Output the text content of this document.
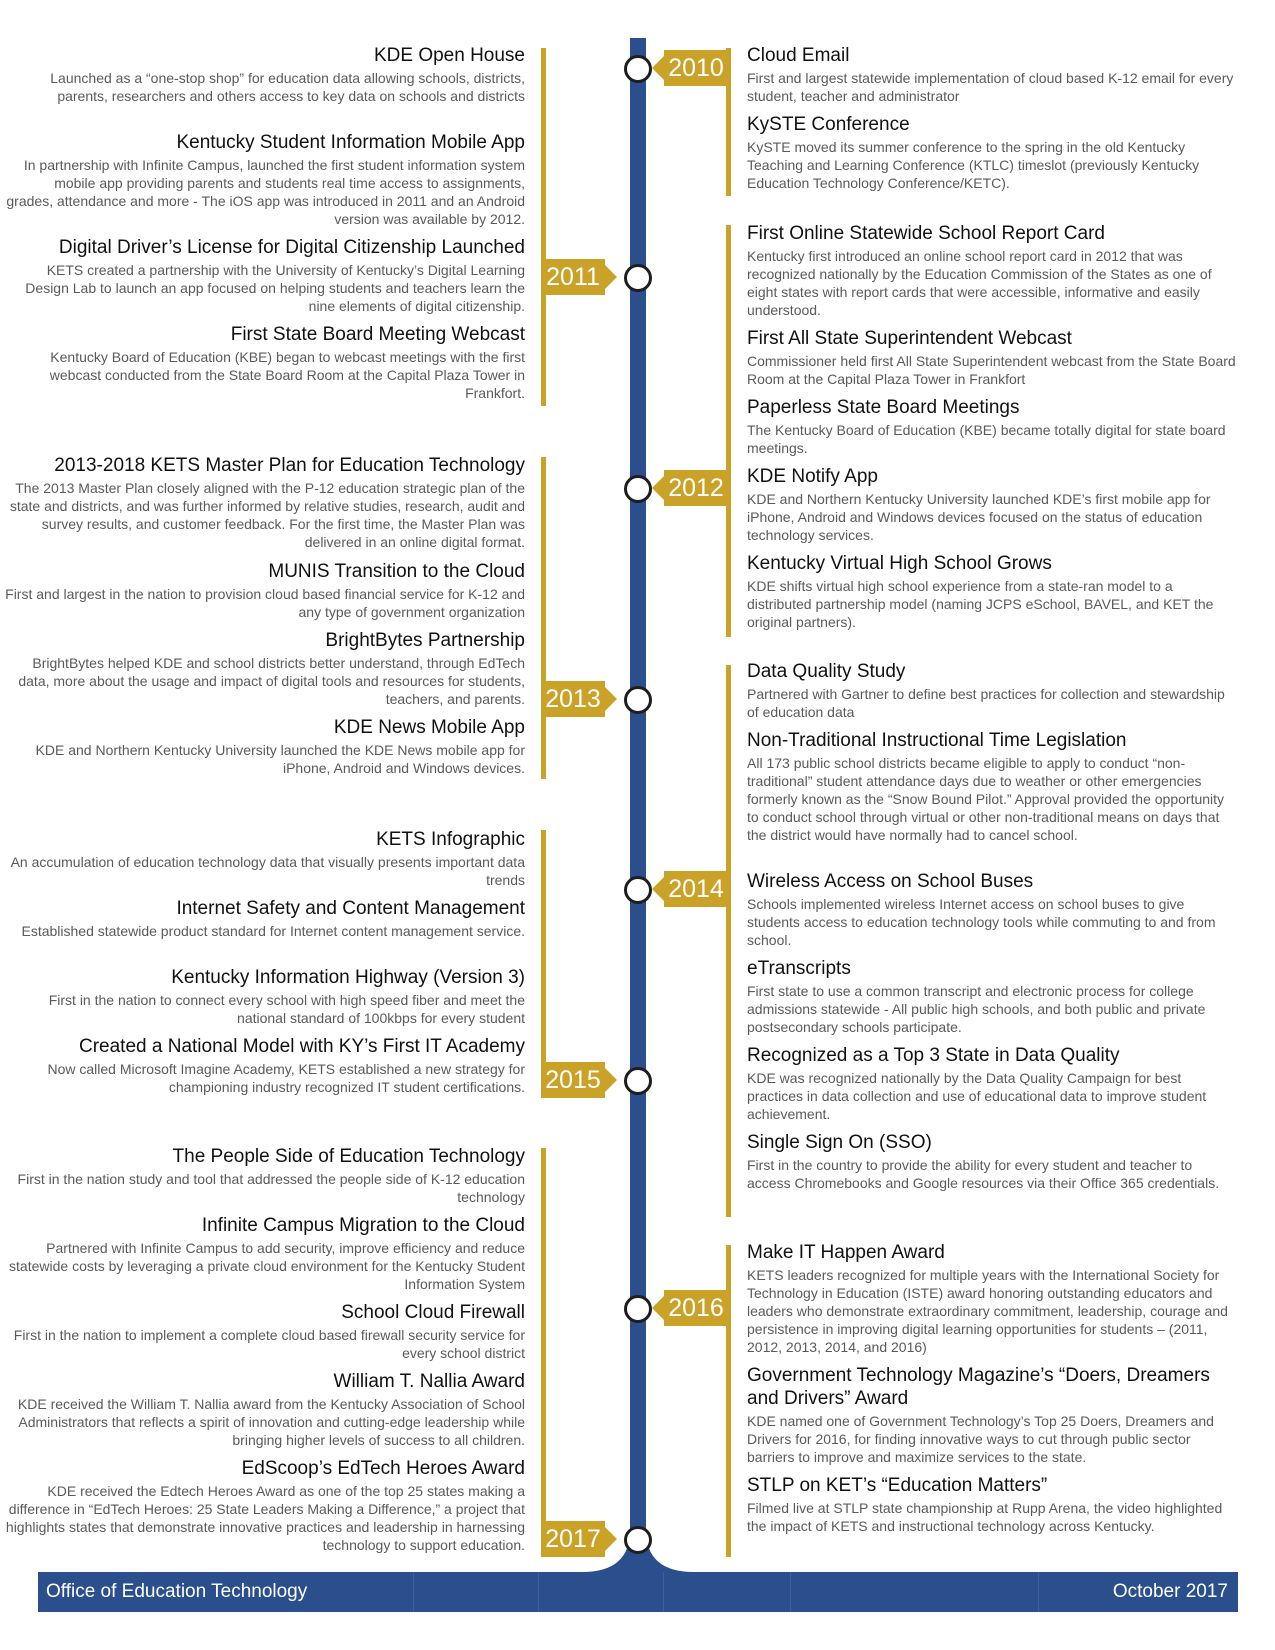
2010
2011
2012
2013
2014
2015
2016
2017
KDE Open House
Launched as a “one-stop shop” for education data allowing schools, districts, parents, researchers and others access to key data on schools and districts
Kentucky Student Information Mobile App
In partnership with Infinite Campus, launched the first student information system mobile app providing parents and students real time access to assignments, grades, attendance and more - The iOS app was introduced in 2011 and an Android version was available by 2012.
Digital Driver’s License for Digital Citizenship Launched
KETS created a partnership with the University of Kentucky’s Digital Learning Design Lab to launch an app focused on helping students and teachers learn the nine elements of digital citizenship.
First State Board Meeting Webcast
Kentucky Board of Education (KBE) began to webcast meetings with the first webcast conducted from the State Board Room at the Capital Plaza Tower in Frankfort.
2013-2018 KETS Master Plan for Education Technology
The 2013 Master Plan closely aligned with the P-12 education strategic plan of the state and districts, and was further informed by relative studies, research, audit and survey results, and customer feedback. For the first time, the Master Plan was delivered in an online digital format.
MUNIS Transition to the Cloud
First and largest in the nation to provision cloud based financial service for K-12 and any type of government organization
BrightBytes Partnership
BrightBytes helped KDE and school districts better understand, through EdTech data, more about the usage and impact of digital tools and resources for students, teachers, and parents.
KDE News Mobile App
KDE and Northern Kentucky University launched the KDE News mobile app for iPhone, Android and Windows devices.
KETS Infographic
An accumulation of education technology data that visually presents important data trends
Internet Safety and Content Management
Established statewide product standard for Internet content management service.
Kentucky Information Highway (Version 3)
First in the nation to connect every school with high speed fiber and meet the national standard of 100kbps for every student
Created a National Model with KY’s First IT Academy
Now called Microsoft Imagine Academy, KETS established a new strategy for championing industry recognized IT student certifications.
The People Side of Education Technology
First in the nation study and tool that addressed the people side of K-12 education technology
Infinite Campus Migration to the Cloud
Partnered with Infinite Campus to add security, improve efficiency and reduce statewide costs by leveraging a private cloud environment for the Kentucky Student Information System
School Cloud Firewall
First in the nation to implement a complete cloud based firewall security service for every school district
William T. Nallia Award
KDE received the William T. Nallia award from the Kentucky Association of School Administrators that reflects a spirit of innovation and cutting-edge leadership while bringing higher levels of success to all children.
EdScoop’s EdTech Heroes Award
KDE received the Edtech Heroes Award as one of the top 25 states making a difference in “EdTech Heroes: 25 State Leaders Making a Difference,” a project that highlights states that demonstrate innovative practices and leadership in harnessing technology to support education.
Cloud Email
First and largest statewide implementation of cloud based K-12 email for every student, teacher and administrator
KySTE Conference
KySTE moved its summer conference to the spring in the old Kentucky Teaching and Learning Conference (KTLC) timeslot (previously Kentucky Education Technology Conference/KETC).
First Online Statewide School Report Card
Kentucky first introduced an online school report card in 2012 that was recognized nationally by the Education Commission of the States as one of eight states with report cards that were accessible, informative and easily understood.
First All State Superintendent Webcast
Commissioner held first All State Superintendent webcast from the State Board Room at the Capital Plaza Tower in Frankfort
Paperless State Board Meetings
The Kentucky Board of Education (KBE) became totally digital for state board meetings.
KDE Notify App
KDE and Northern Kentucky University launched KDE’s first mobile app for iPhone, Android and Windows devices focused on the status of education technology services.
Kentucky Virtual High School Grows
KDE shifts virtual high school experience from a state-ran model to a distributed partnership model (naming JCPS eSchool, BAVEL, and KET the original partners).
Data Quality Study
Partnered with Gartner to define best practices for collection and stewardship of education data
Non-Traditional Instructional Time Legislation
All 173 public school districts became eligible to apply to conduct “non-traditional” student attendance days due to weather or other emergencies formerly known as the “Snow Bound Pilot.” Approval provided the opportunity to conduct school through virtual or other non-traditional means on days that the district would have normally had to cancel school.
Wireless Access on School Buses
Schools implemented wireless Internet access on school buses to give students access to education technology tools while commuting to and from school.
eTranscripts
First state to use a common transcript and electronic process for college admissions statewide - All public high schools, and both public and private postsecondary schools participate.
Recognized as a Top 3 State in Data Quality
KDE was recognized nationally by the Data Quality Campaign for best practices in data collection and use of educational data to improve student achievement.
Single Sign On (SSO)
First in the country to provide the ability for every student and teacher to access Chromebooks and Google resources via their Office 365 credentials.
Make IT Happen Award
KETS leaders recognized for multiple years with the International Society for Technology in Education (ISTE) award honoring outstanding educators and leaders who demonstrate extraordinary commitment, leadership, courage and persistence in improving digital learning opportunities for students – (2011, 2012, 2013, 2014, and 2016)
Government Technology Magazine’s “Doers, Dreamers and Drivers” Award
KDE named one of Government Technology’s Top 25 Doers, Dreamers and Drivers for 2016, for finding innovative ways to cut through public sector barriers to improve and maximize services to the state.
STLP on KET’s “Education Matters”
Filmed live at STLP state championship at Rupp Arena, the video highlighted the impact of KETS and instructional technology across Kentucky.
Office of Education Technology	October 2017
